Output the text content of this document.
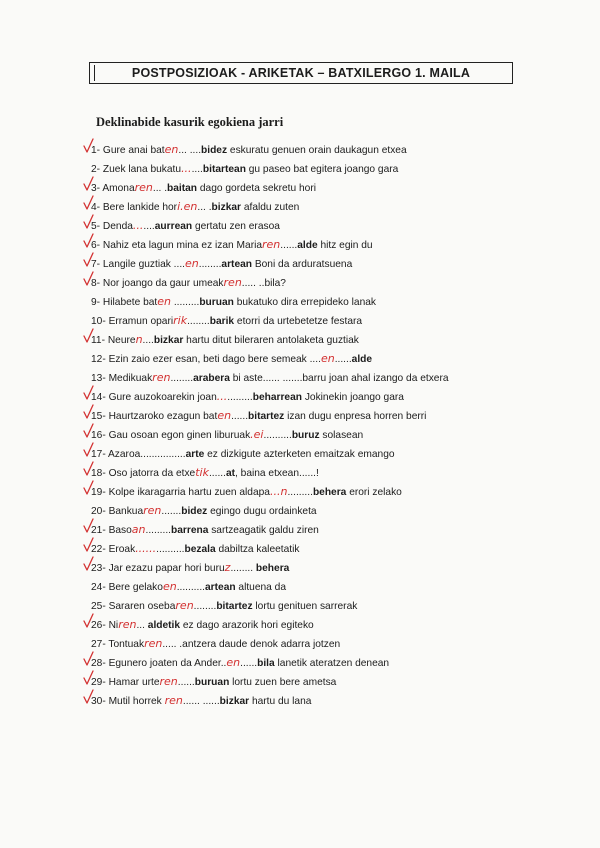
POSTPOSIZIOAK - ARIKETAK – BATXILERGO 1. MAILA
Deklinabide kasurik egokiena jarri
1- Gure anai baten... ....bidez eskuratu genuen orain daukagun etxea
2- Zuek lana bukatu.......bitartean gu paseo bat egitera joango gara
3- Amonaren... .baitan dago gordeta sekretu hori
4- Bere lankide hori.en... .bizkar afaldu zuten
5- Denda.......aurrean gertatu zen erasoa
6- Nahiz eta lagun mina ez izan Mariaren......alde hitz egin du
7- Langile guztiak ....en........artean Boni da arduratsuena
8- Nor joango da gaur umeakren..... ..bila?
9- Hilabete baten .........buruan bukatuko dira errepideko lanak
10- Erramun oparirik........barik etorri da urtebetetze festara
11- Neuren....bizkar hartu ditut bileraren antolaketa guztiak
12- Ezin zaio ezer esan, beti dago bere semeak ....en......alde
13- Medikuakren........arabera bi aste...... .......barru joan ahal izango da etxera
14- Gure auzokoarekin joan............beharrean Jokinekin joango gara
15- Haurtzaroko ezagun baten......bitartez izan dugu enpresa horren berri
16- Gau osoan egon ginen liburuak.ei..........buruz solasean
17- Azaroa................arte ez dizkigute azterketen emaitzak emango
18- Oso jatorra da etxetik......at, baina etxean......!
19- Kolpe ikaragarria hartu zuen aldapa...n.........behera erori zelako
20- Bankuaren.......bidez egingo dugu ordainketa
21- Basoan.........barrena sartzeagatik galdu ziren
22- Eroak................bezala dabiltza kaleetatik
23- Jar ezazu papar hori buruz........ behera
24- Bere gelakoen..........artean altuena da
25- Sararen osebaren........bitartez lortu genituen sarrerak
26- Niren... aldetik ez dago arazorik hori egiteko
27- Tontuakren..... .antzera daude denok adarra jotzen
28- Egunero joaten da Ander..en......bila lanetik ateratzen denean
29- Hamar urteren......buruan lortu zuen bere ametsa
30- Mutil horrek ren...... ......bizkar hartu du lana
